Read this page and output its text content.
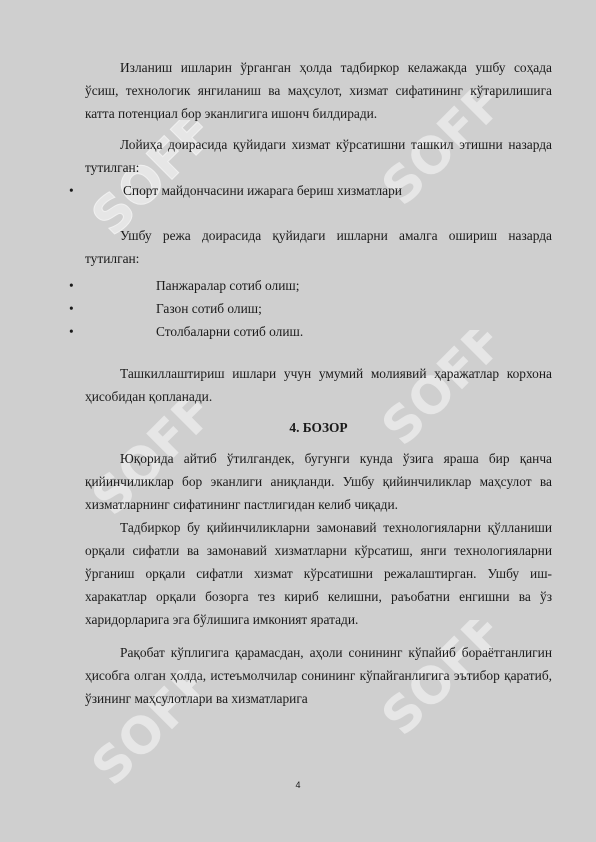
SOFF	SOFF
SOFF	SOFF
SOFF	SOFF

Изланиш ишларин ўрганган ҳолда тадбиркор келажакда ушбу соҳада ўсиш, технологик янгиланиш ва маҳсулот, хизмат сифатининг кўтарилишига катта потенциал бор эканлигига ишонч билдиради.

Лойиҳа доирасида қуйидаги хизмат кўрсатишни ташкил этишни назарда тутилган:

•	Спорт майдончасини ижарага бериш хизматлари

Ушбу режа доирасида қуйидаги ишларни амалга ошириш назарда тутилган:

•	Панжаралар сотиб олиш;
•	Газон сотиб олиш;
•	Столбаларни сотиб олиш.

Ташкиллаштириш ишлари учун умумий молиявий ҳаражатлар корхона ҳисобидан қопланади.

4. БОЗОР

Юқорида айтиб ўтилгандек, бугунги кунда ўзига яраша бир қанча қийинчиликлар бор эканлиги аниқланди. Ушбу қийинчиликлар маҳсулот ва хизматларнинг сифатининг пастлигидан келиб чиқади.

Тадбиркор бу қийинчиликларни замонавий технологияларни қўлланиши орқали сифатли ва замонавий хизматларни кўрсатиш, янги технологияларни ўрганиш орқали сифатли хизмат кўрсатишни режалаштирган. Ушбу иш-харакатлар орқали бозорга тез кириб келишни, раъобатни енгишни ва ўз харидорларига эга бўлишига имконият яратади.

Рақобат кўплигига қарамасдан, аҳоли сонининг кўпайиб бораётганлигин ҳисобга олган ҳолда, истеъмолчилар сонининг кўпайганлигига эътибор қаратиб, ўзининг маҳсулотлари ва хизматларига

4
